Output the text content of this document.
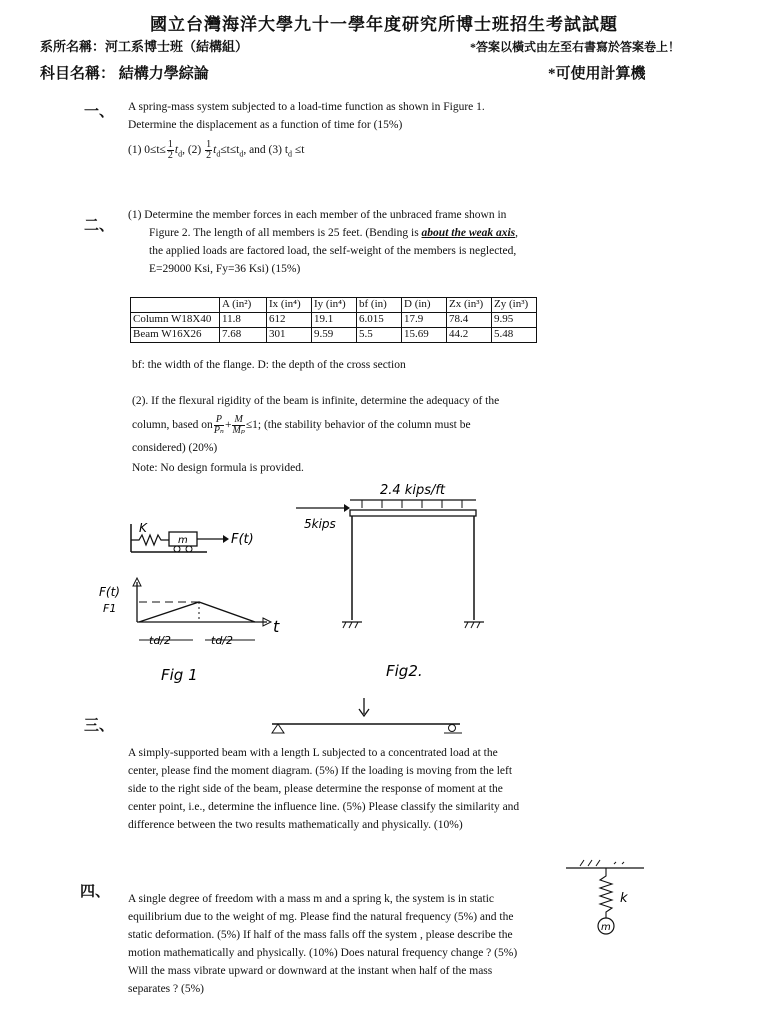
國立台灣海洋大學九十一學年度研究所博士班招生考試試題
系所名稱：河工系博士班（結構組）	*答案以橫式由左至右書寫於答案卷上！
科目名稱： 結構力學綜論	*可使用計算機
一、 A spring-mass system subjected to a load-time function as shown in Figure 1.
Determine the displacement as a function of time for (15%)
(1) $0\le t\le \frac{1}{2} t_d$, $(2) \frac{1}{2} t_d\le t\le t_d$, and (3) $t_d \le t$
二、
(1) Determine the member forces in each member of the unbraced frame shown in
Figure 2. The length of all members is 25 feet. (Bending is about the weak axis,
the applied loads are factored load, the self-weight of the members is neglected,
E=29000 Ksi, Fy=36 Ksi) (15%)
	A (in²)	Ix (in⁴)	Iy (in⁴)	bf (in)	D (in)	Zx (in³)	Zy (in³)
Column W18X40	11.8	612	19.1	6.015	17.9	78.4	9.95
Beam W16X26	7.68	301	9.59	5.5	15.69	44.2	5.48
bf: the width of the flange. D: the depth of the cross section
(2). If the flexural rigidity of the beam is infinite, determine the adequacy of the
column, based on $\frac{P}{\text{Pₙ}} + \frac{M}{\text{Mₚ}} \le 1$; (the stability behavior of the column must be
considered) (20%)
Note: No design formula is provided.
K
m	F(t)
F(t)
F1
t
td/2	td/2
Fig 1
2.4 kips/ft
5kips
Fig2.
三、
A simply-supported beam with a length L subjected to a concentrated load at the
center, please find the moment diagram. (5%) If the loading is moving from the left
side to the right side of the beam, please determine the response of moment at the
center point, i.e., determine the influence line. (5%) Please classify the similarity and
difference between the two results mathematically and physically. (10%)
四、	k
m
A single degree of freedom with a mass m and a spring k, the system is in static
equilibrium due to the weight of mg. Please find the natural frequency (5%) and the
static deformation. (5%) If half of the mass falls off the system , please describe the
motion mathematically and physically. (10%) Does natural frequency change ? (5%)
Will the mass vibrate upward or downward at the instant when half of the mass
separates ? (5%)
